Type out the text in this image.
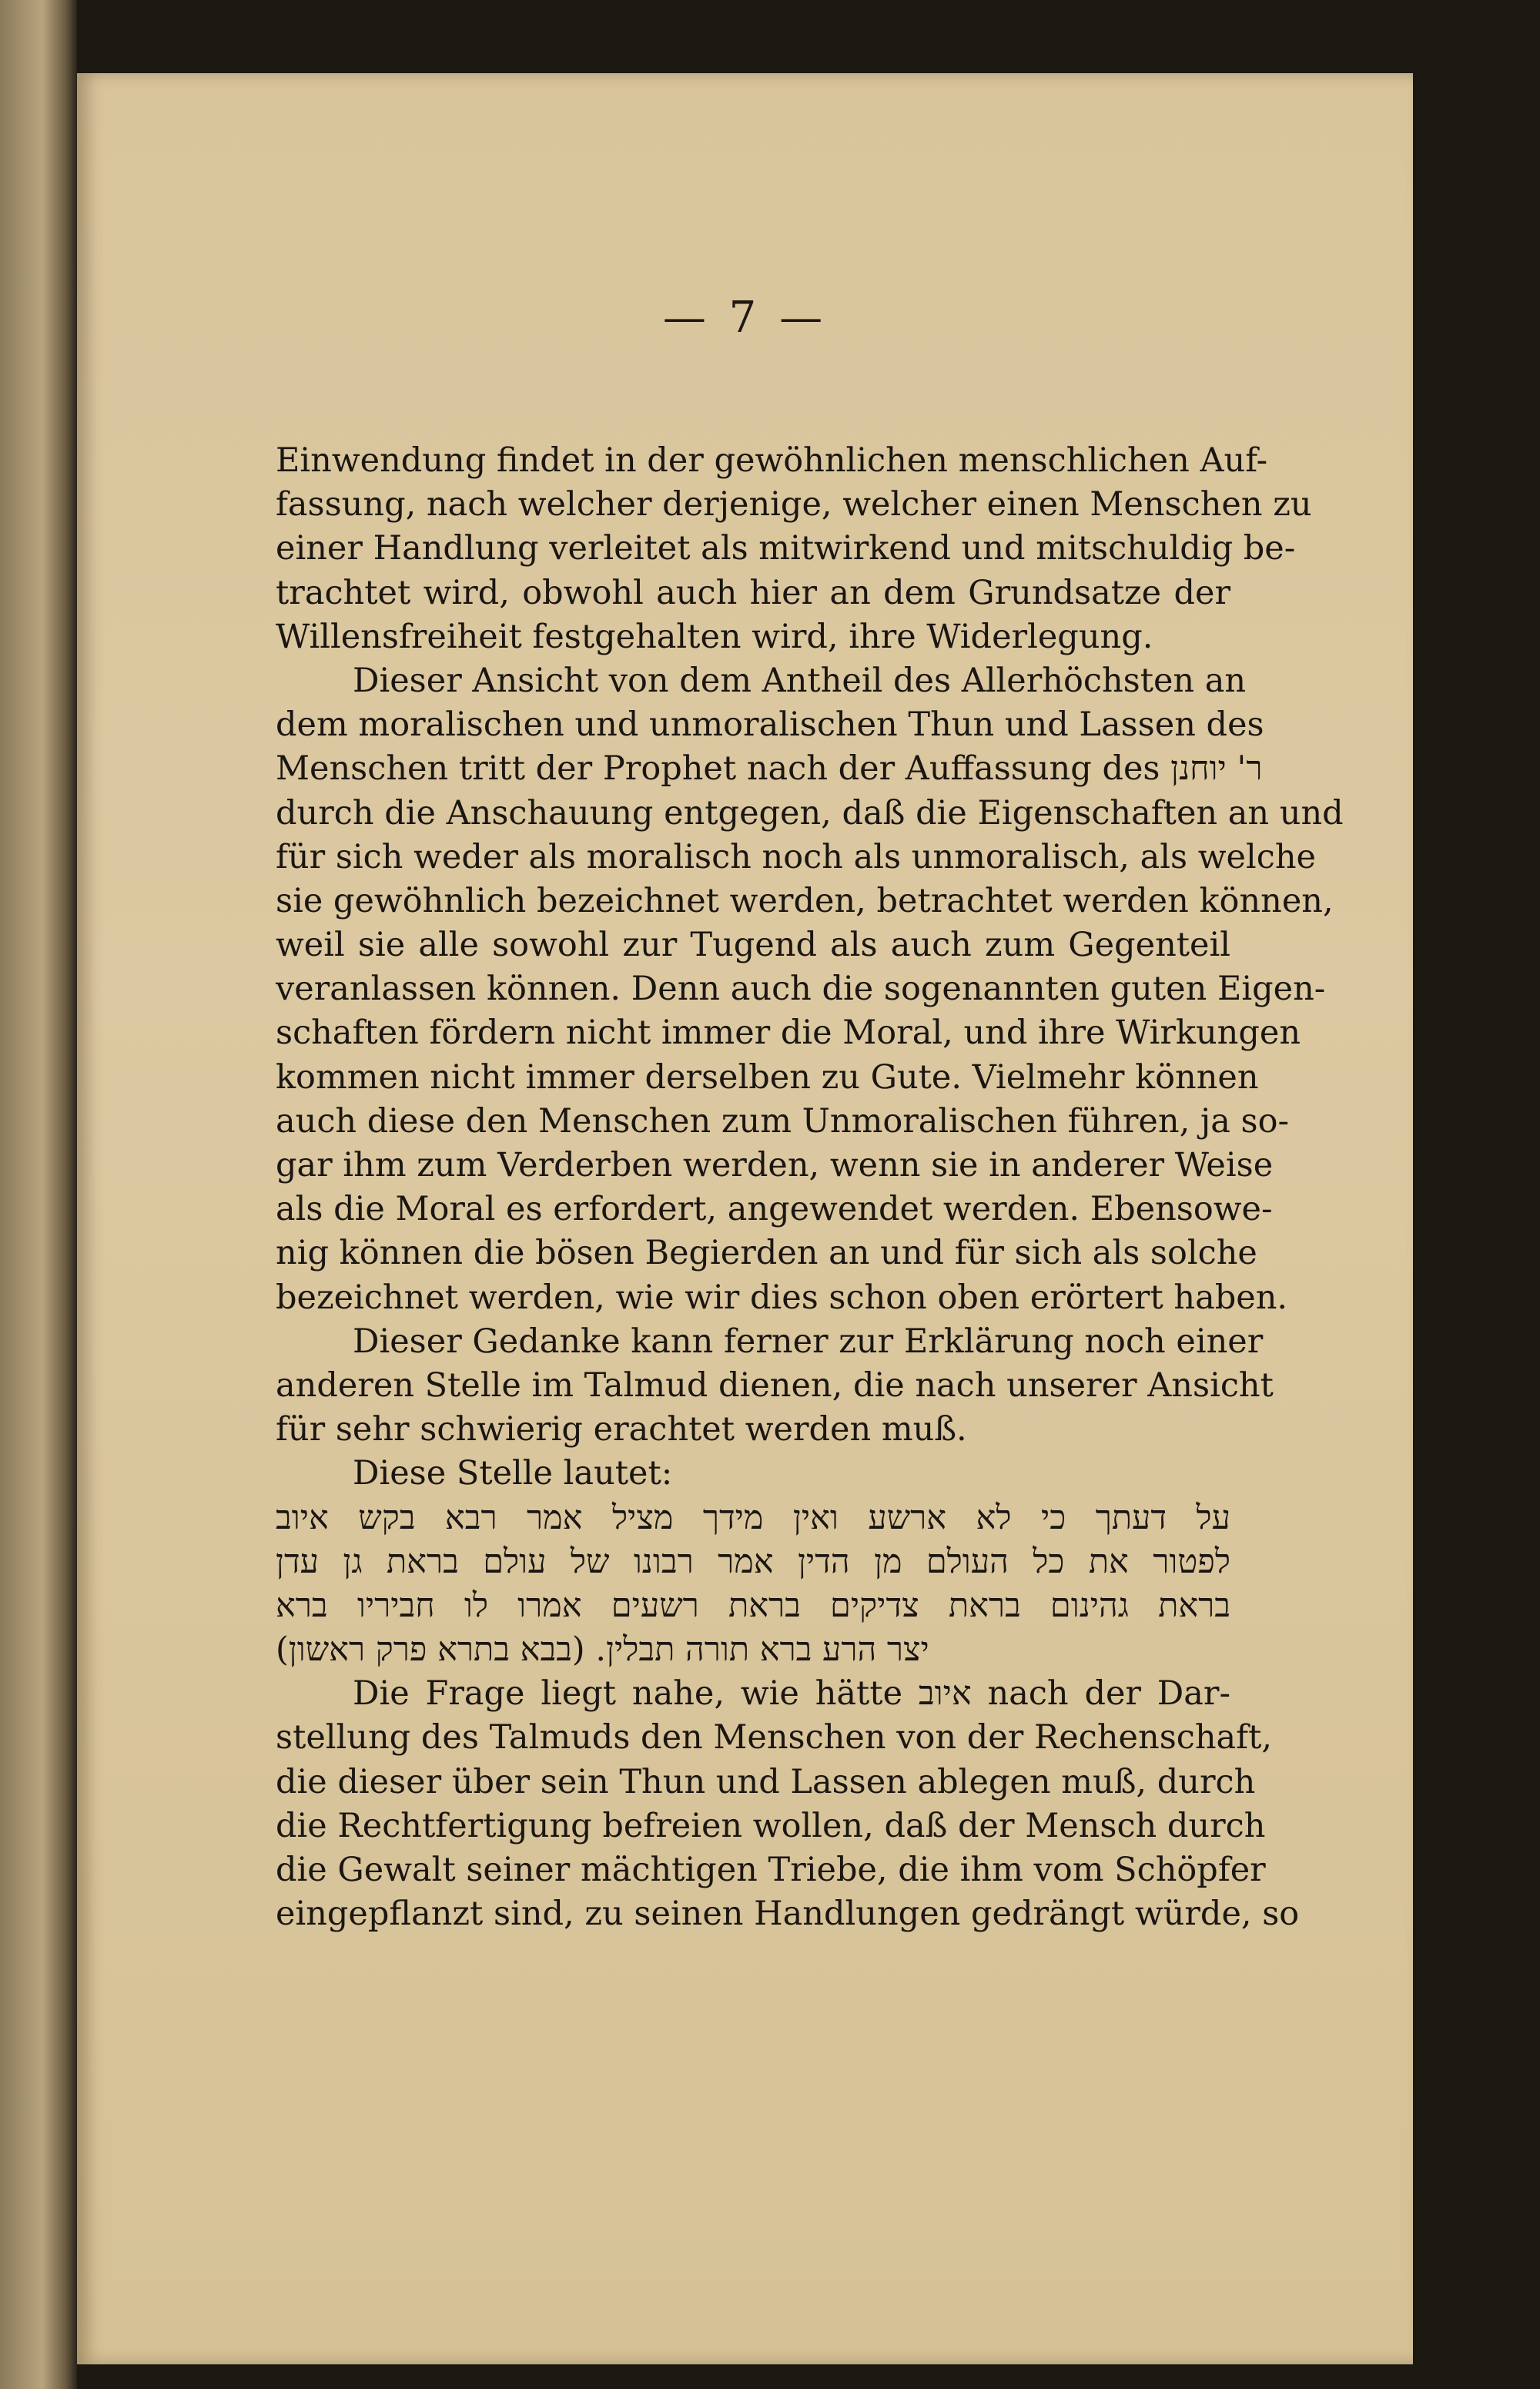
— 7 —
Einwendung findet in der gewöhnlichen menschlichen Auf-
fassung, nach welcher derjenige, welcher einen Menschen zu
einer Handlung verleitet als mitwirkend und mitschuldig be-
trachtet wird, obwohl auch hier an dem Grundsatze der
Willensfreiheit festgehalten wird, ihre Widerlegung.
Dieser Ansicht von dem Antheil des Allerhöchsten an
dem moralischen und unmoralischen Thun und Lassen des
Menschen tritt der Prophet nach der Auffassung des ר' יוחנן
durch die Anschauung entgegen, daß die Eigenschaften an und
für sich weder als moralisch noch als unmoralisch, als welche
sie gewöhnlich bezeichnet werden, betrachtet werden können,
weil sie alle sowohl zur Tugend als auch zum Gegenteil
veranlassen können. Denn auch die sogenannten guten Eigen-
schaften fördern nicht immer die Moral, und ihre Wirkungen
kommen nicht immer derselben zu Gute. Vielmehr können
auch diese den Menschen zum Unmoralischen führen, ja so-
gar ihm zum Verderben werden, wenn sie in anderer Weise
als die Moral es erfordert, angewendet werden. Ebensowe-
nig können die bösen Begierden an und für sich als solche
bezeichnet werden, wie wir dies schon oben erörtert haben.
Dieser Gedanke kann ferner zur Erklärung noch einer
anderen Stelle im Talmud dienen, die nach unserer Ansicht
für sehr schwierig erachtet werden muß.
Diese Stelle lautet:
על דעתך כי לא ארשע ואין מידך מציל אמר רבא בקש איוב
לפטור את כל העולם מן הדין אמר רבונו של עולם בראת גן עדן
בראת גהינום בראת צדיקים בראת רשעים אמרו לו חביריו ברא
יצר הרע ברא תורה תבלין. (בבא בתרא פרק ראשון)
Die Frage liegt nahe, wie hätte איוב nach der Dar-
stellung des Talmuds den Menschen von der Rechenschaft,
die dieser über sein Thun und Lassen ablegen muß, durch
die Rechtfertigung befreien wollen, daß der Mensch durch
die Gewalt seiner mächtigen Triebe, die ihm vom Schöpfer
eingepflanzt sind, zu seinen Handlungen gedrängt würde, so
